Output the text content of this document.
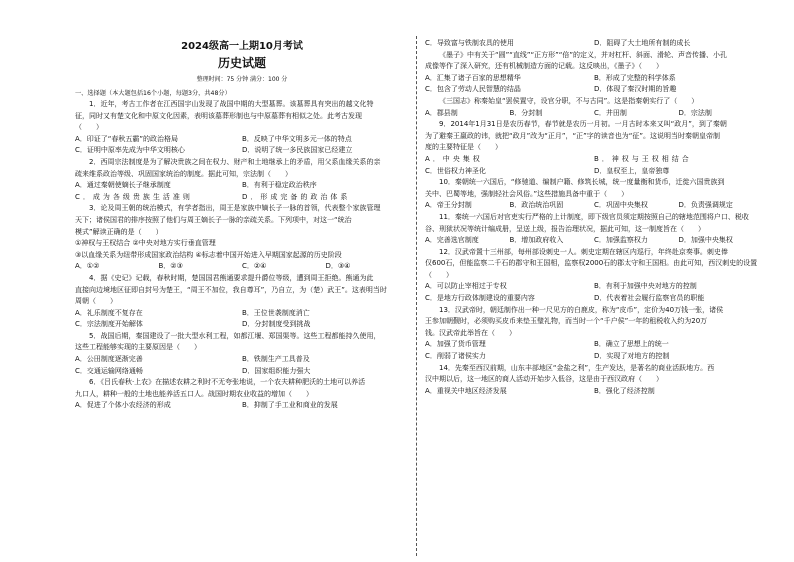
2024级高一上期10月考试
历史试题
整理时间：75 分钟 满分：100 分
一、选择题（本大题包括16个小题，每题3分，共48分）
1．近年，考古工作者在江西国宇山发现了战国中期的大型墓葬。该墓葬具有突出的越文化特
征，同时又有楚文化和中原文化因素，表明该墓葬形制也与中原墓葬有相似之处。此考古发现
（　　）
A．印证了“春秋五霸”的政治格局	B．反映了中华文明多元一体的特点
C．证明中原率先成为中华文明核心	D．说明了统一多民族国家已经建立
2．西周宗法制度是为了解决贵族之间在权力、财产和土地继承上的矛盾，用父系血缘关系的亲
疏来维系政治等级、巩固国家统治的制度。据此可知，宗法制（　　）
A．通过秦朝使嫡长子继承制度	B．有利于稳定政治秩序
C．成为各级贵族生活准则	D．形成完备的政治体系
3．论及周王朝的统治模式，有学者指出，周王是家族中嫡长子一脉的首领，代表整个家族管理
天下；诸侯国君的排序按照了他们与周王嫡长子一脉的亲疏关系。下列项中，对这一“统治
模式”解读正确的是（　　）
①神权与王权结合 ②中央对地方实行垂直管理
③以血缘关系为纽带形成国家政治结构 ④标志着中国开始进入早期国家起源的历史阶段
A．①②	B．②③	C．②④	D．③④
4．据《史记》记载，春秋时期，楚国国君熊通要求提升爵位等级，遭到周王拒绝。熊通为此
直接向边境地区征即自封号为楚王，“周王不加位，我自尊耳”，乃自立，为（楚）武王”。这表明当时
周朝（　　）
A．礼乐制度不复存在	B．王位世袭制度消亡
C．宗法制度开始解体	D．分封制度受到挑战
5．战国后期，秦国建设了一批大型水利工程，如都江堰、郑国渠等。这些工程都能持久使用，
这些工程能够实现的主要原因是（　　）
A．公田制度逐渐完善	B．铁制生产工具普及
C．交通运输网络通畅	D．国家组织能力强大
6．《吕氏春秋·上农》在描述农耕之利时不无夸张地说，一个农夫耕种肥沃的土地可以养活
九口人，耕种一般的土地也能养活五口人。战国时期农业收益的增加（　　）
A．促进了个体小农经济的形成	B．抑制了手工业和商业的发展
C．导致富与铁制农具的使用	D．阻碍了大土地所有制的成长
《墨子》中有关于“圆”“直线”“正方形”“倍”的定义，并对杠杆、斜面、滑轮、声音传播、小孔
成像等作了深入研究，还有机械制造方面的记载。这反映出，《墨子》（　　）
A．汇集了诸子百家的思想精华	B．形成了完整的科学体系
C．包含了劳动人民智慧的结晶	D．体现了秦汉时期的旨趣
《三国志》称秦始皇“罢侯置守，设官分职，不与古同”。这是指秦朝实行了（　　）
A．郡县制	B．分封制	C．井田制	D．宗法制
9．2014年1月31日是农历春节，春节就是农历一月初。一月古时本来又叫“政月”，到了秦朝
为了避秦王嬴政的讳，就把“政月”改为“正月”，“正”字的读音也为“征”。这说明当时秦朝皇帝制
度的主要特征是（　　）
A．中央集权	B．神权与王权相结合
C．世俗权力神圣化	D．皇权至上，皇帝独尊
10．秦朝统一六国后，“修驰道、编制户籍、修筑长城，统一度量衡和货币，迁徙六国贵族到
关中、巴蜀等地，强制轻社会风俗。”这些措施具备中重于（　　）
A．帝王分封制	B．政治统治巩固	C．巩固中央集权	D．负责强调规定
11．秦统一六国后对官吏实行严格的上计制度，即下级官员须定期按照自己的辖地范围将户口、税收
谷、刑狱状况等统计编成册，呈送上级，报告治理状况，据此可知，这一制度旨在（　　）
A．完善选官制度	B．增加政府收入	C．加强监察权力	D．加强中央集权
12．汉武帝置十三州部，每州部设刺史一人。刺史定期在辖区内巡行，年终赴京奏事。刺史俸
仅600石，但能监察二千石的郡守和王国相，监察权2000石的郡太守和王国相。由此可知，西汉刺史的设置
（　　）
A．可以防止宰相过于专权	B．有利于加强中央对地方的控制
C．是地方行政体制建设的重要内容	D．代表着社会履行监察官员的职能
13．汉武帝时，朝廷制作出一种一尺见方的白鹿皮，称为“皮币”，定价为40万钱一张，诸侯
王参加朝觐时，必须购买皮币来垫玉璧礼物，而当时一个“千户侯”一年的租税收入约为20万
钱。汉武帝此举旨在（　　）
A．加强了货币管理	B．确立了思想上的统一
C．削弱了诸侯实力	D．实现了对地方的控制
14．先秦至西汉前期，山东丰部地区“金盐之利”，生产发达，是著名的商业活跃地方。西
汉中期以后，这一地区的商人活动开始步入低谷，这是由于西汉政府（　　）
A．重视关中地区经济发展	B．强化了经济控制
